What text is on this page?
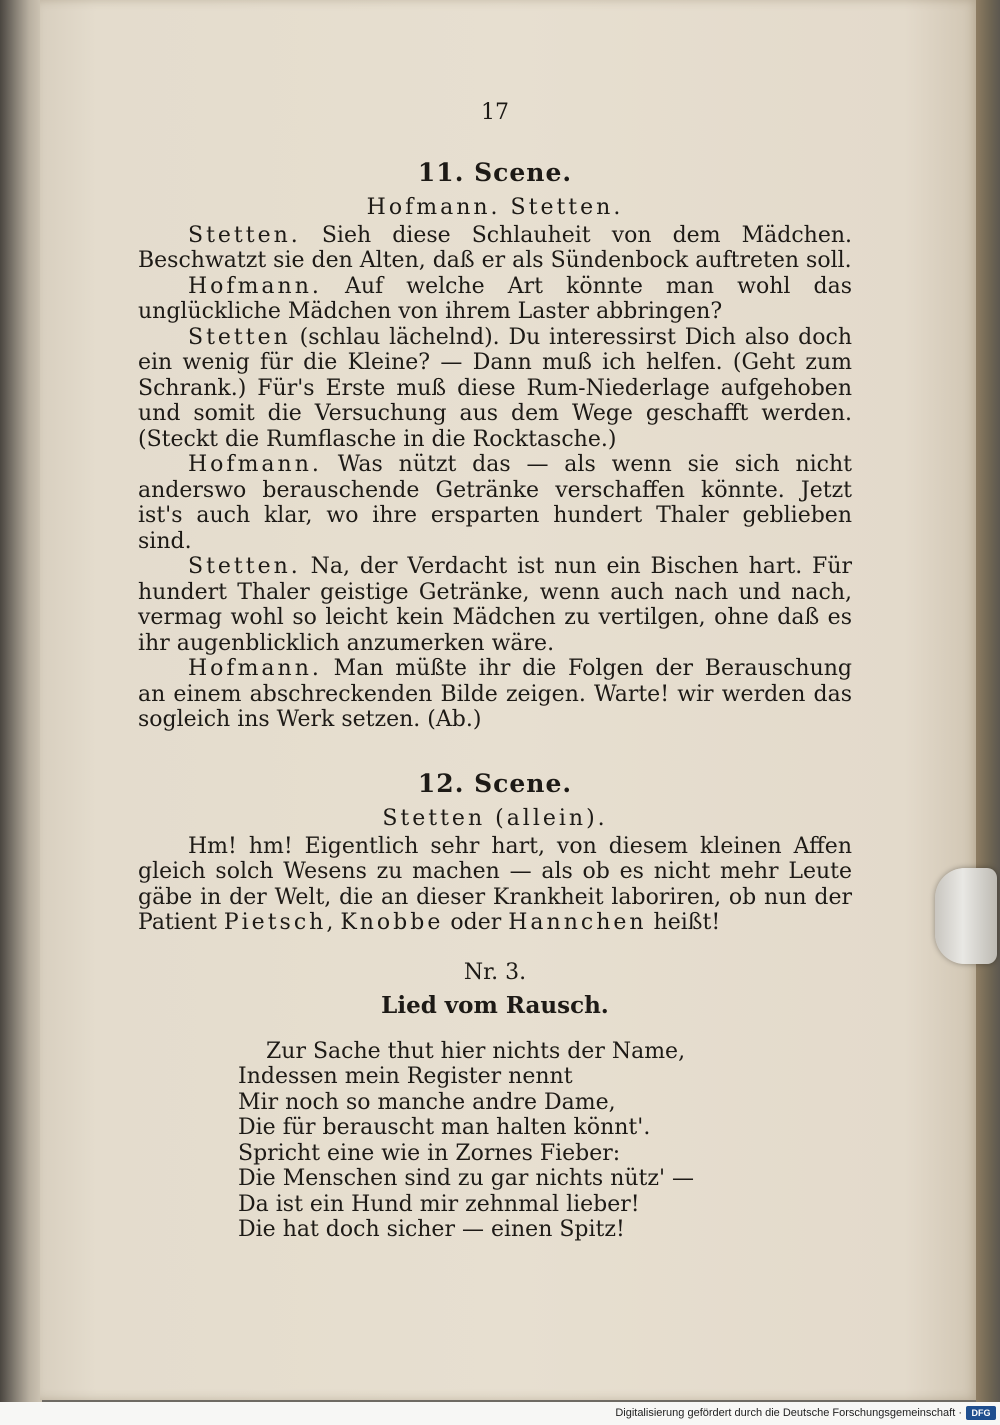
17
11. Scene.
Hofmann. Stetten.

Stetten. Sieh diese Schlauheit von dem Mädchen. Beschwatzt sie den Alten, daß er als Sündenbock auftreten soll.

Hofmann. Auf welche Art könnte man wohl das unglückliche Mädchen von ihrem Laster abbringen?

Stetten (schlau lächelnd). Du interessirst Dich also doch ein wenig für die Kleine? — Dann muß ich helfen. (Geht zum Schrank.) Für's Erste muß diese Rum-Niederlage aufgehoben und somit die Versuchung aus dem Wege geschafft werden. (Steckt die Rumflasche in die Rocktasche.)

Hofmann. Was nützt das — als wenn sie sich nicht anderswo berauschende Getränke verschaffen könnte. Jetzt ist's auch klar, wo ihre ersparten hundert Thaler geblieben sind.

Stetten. Na, der Verdacht ist nun ein Bischen hart. Für hundert Thaler geistige Getränke, wenn auch nach und nach, vermag wohl so leicht kein Mädchen zu vertilgen, ohne daß es ihr augenblicklich anzumerken wäre.

Hofmann. Man müßte ihr die Folgen der Berauschung an einem abschreckenden Bilde zeigen. Warte! wir werden das sogleich ins Werk setzen. (Ab.)

12. Scene.
Stetten (allein).

Hm! hm! Eigentlich sehr hart, von diesem kleinen Affen gleich solch Wesens zu machen — als ob es nicht mehr Leute gäbe in der Welt, die an dieser Krankheit laboriren, ob nun der Patient Pietsch, Knobbe oder Hannchen heißt!

Nr. 3.
Lied vom Rausch.
Zur Sache thut hier nichts der Name,
Indessen mein Register nennt
Mir noch so manche andre Dame,
Die für berauscht man halten könnt'.
Spricht eine wie in Zornes Fieber:
Die Menschen sind zu gar nichts nütz' —
Da ist ein Hund mir zehnmal lieber!
Die hat doch sicher — einen Spitz!
Digitalisierung gefördert durch die Deutsche Forschungsgemeinschaft ·	DFG
